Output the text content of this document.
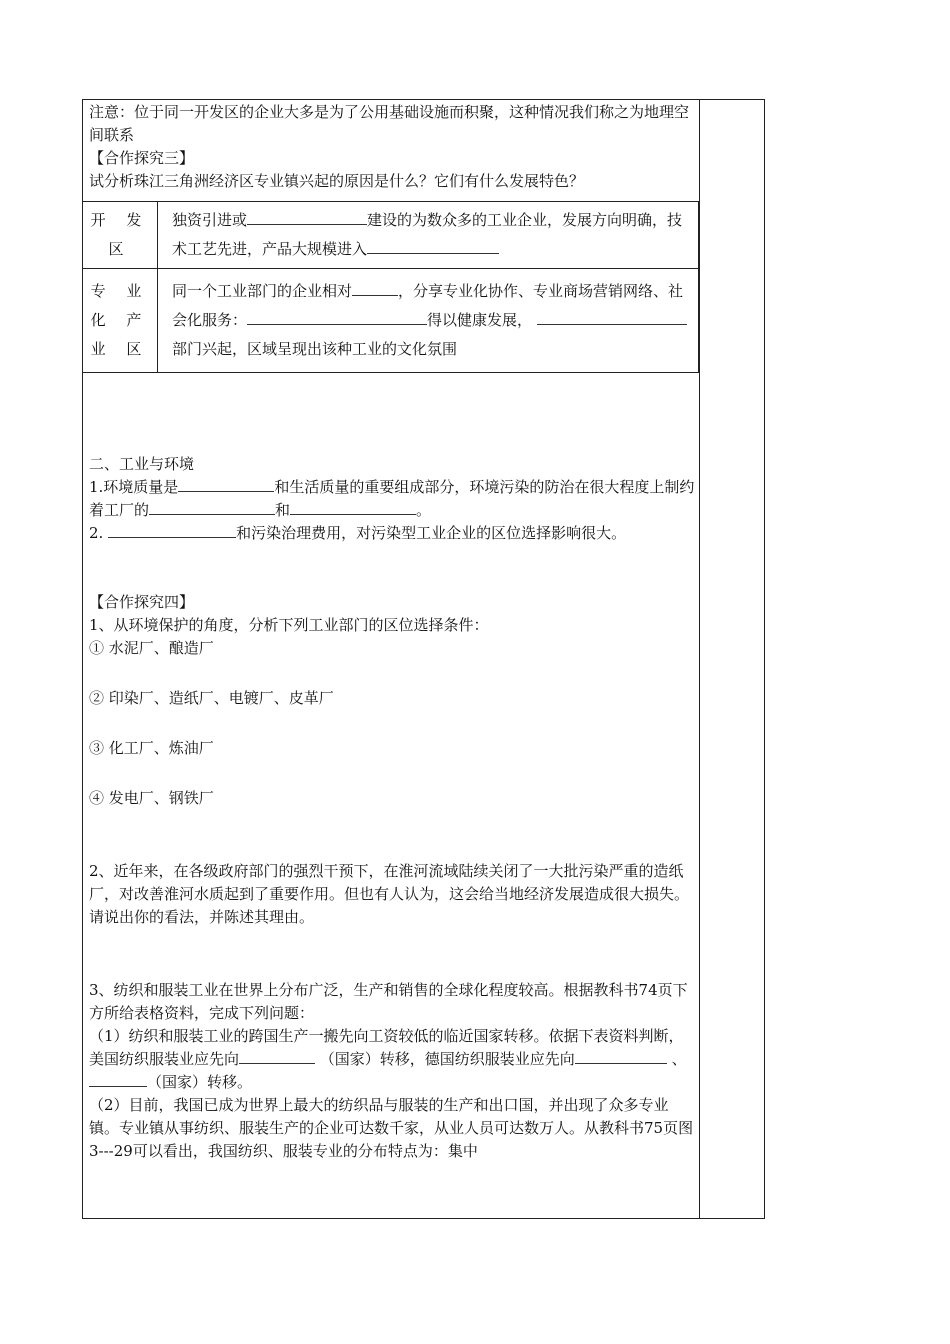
注意：位于同一开发区的企业大多是为了公用基础设施而积聚，这种情况我们称之为地理空间联系

【合作探究三】

试分析珠江三角洲经济区专业镇兴起的原因是什么？它们有什么发展特色？

开 发 区	独资引进或 建设的为数众多的工业企业，发展方向明确，技术工艺先进，产品大规模进入
专 业 化 产 业 区	同一个工业部门的企业相对 ，分享专业化协作、专业商场营销网络、社会化服务： 得以健康发展， 部门兴起，区域呈现出该种工业的文化氛围

二、工业与环境

1.环境质量是	和生活质量的重要组成部分，环境污染的防治在很大程度上制约着工厂的	和	。

2.	和污染治理费用，对污染型工业企业的区位选择影响很大。

【合作探究四】

1、从环境保护的角度，分析下列工业部门的区位选择条件：

① 水泥厂、酿造厂

② 印染厂、造纸厂、电镀厂、皮革厂

③ 化工厂、炼油厂

④ 发电厂、钢铁厂

2、近年来，在各级政府部门的强烈干预下，在淮河流域陆续关闭了一大批污染严重的造纸厂，对改善淮河水质起到了重要作用。但也有人认为，这会给当地经济发展造成很大损失。请说出你的看法，并陈述其理由。

3、纺织和服装工业在世界上分布广泛，生产和销售的全球化程度较高。根据教科书74页下方所给表格资料，完成下列问题：

（1）纺织和服装工业的跨国生产一搬先向工资较低的临近国家转移。依据下表资料判断，美国纺织服装业应先向	（国家）转移，德国纺织服装业应先向	、（国家）转移。

（2）目前，我国已成为世界上最大的纺织品与服装的生产和出口国，并出现了众多专业镇。专业镇从事纺织、服装生产的企业可达数千家，从业人员可达数万人。从教科书75页图3---29可以看出，我国纺织、服装专业的分布特点为：集中
